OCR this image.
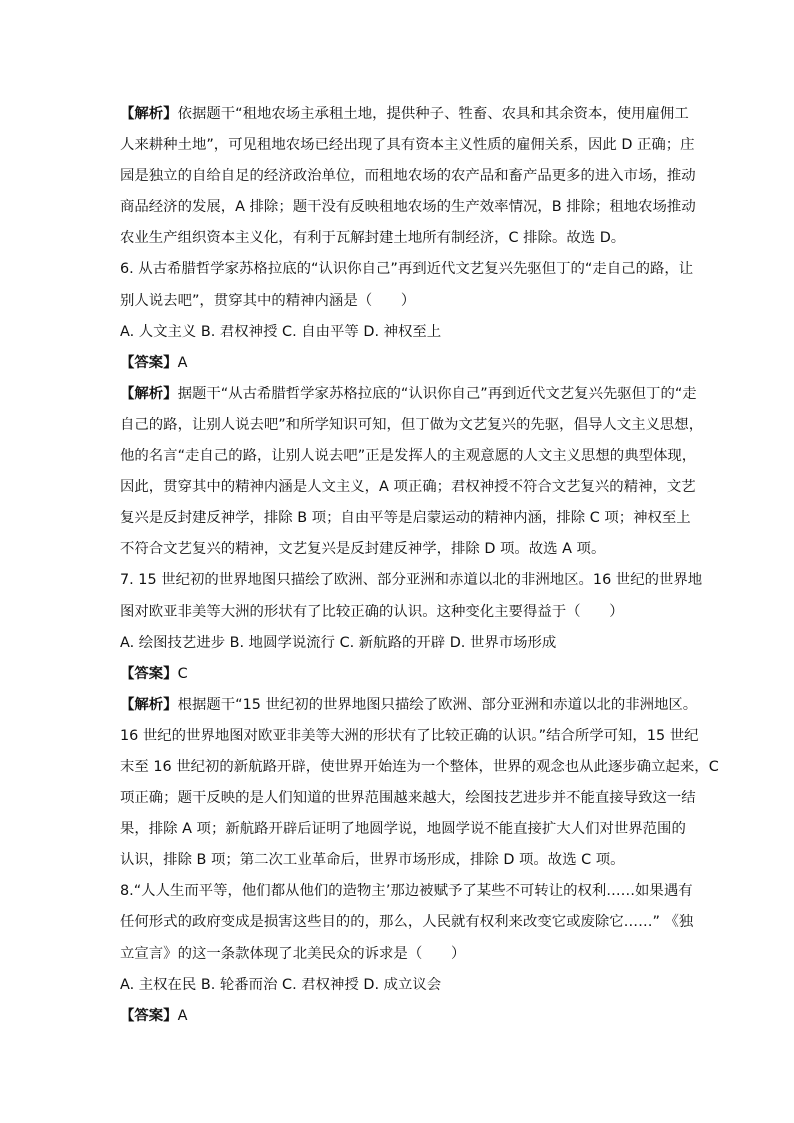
【解析】依据题干“租地农场主承租土地，提供种子、牲畜、农具和其余资本，使用雇佣工
人来耕种土地”，可见租地农场已经出现了具有资本主义性质的雇佣关系，因此 D 正确；庄
园是独立的自给自足的经济政治单位，而租地农场的农产品和畜产品更多的进入市场，推动
商品经济的发展，A 排除；题干没有反映租地农场的生产效率情况，B 排除；租地农场推动
农业生产组织资本主义化，有利于瓦解封建土地所有制经济，C 排除。故选 D。
6. 从古希腊哲学家苏格拉底的“认识你自己”再到近代文艺复兴先驱但丁的“走自己的路，让
别人说去吧”，贯穿其中的精神内涵是（　　）
A. 人文主义 B. 君权神授 C. 自由平等 D. 神权至上
【答案】A
【解析】据题干“从古希腊哲学家苏格拉底的“认识你自己”再到近代文艺复兴先驱但丁的“走
自己的路，让别人说去吧”和所学知识可知，但丁做为文艺复兴的先驱，倡导人文主义思想，
他的名言“走自己的路，让别人说去吧”正是发挥人的主观意愿的人文主义思想的典型体现，
因此，贯穿其中的精神内涵是人文主义，A 项正确；君权神授不符合文艺复兴的精神，文艺
复兴是反封建反神学，排除 B 项；自由平等是启蒙运动的精神内涵，排除 C 项；神权至上
不符合文艺复兴的精神，文艺复兴是反封建反神学，排除 D 项。故选 A 项。
7. 15 世纪初的世界地图只描绘了欧洲、部分亚洲和赤道以北的非洲地区。16 世纪的世界地
图对欧亚非美等大洲的形状有了比较正确的认识。这种变化主要得益于（　　）
A. 绘图技艺进步 B. 地圆学说流行 C. 新航路的开辟 D. 世界市场形成
【答案】C
【解析】根据题干“15 世纪初的世界地图只描绘了欧洲、部分亚洲和赤道以北的非洲地区。
16 世纪的世界地图对欧亚非美等大洲的形状有了比较正确的认识。”结合所学可知，15 世纪
末至 16 世纪初的新航路开辟，使世界开始连为一个整体，世界的观念也从此逐步确立起来，C
项正确；题干反映的是人们知道的世界范围越来越大，绘图技艺进步并不能直接导致这一结
果，排除 A 项；新航路开辟后证明了地圆学说，地圆学说不能直接扩大人们对世界范围的
认识，排除 B 项；第二次工业革命后，世界市场形成，排除 D 项。故选 C 项。
8.“人人生而平等，他们都从他们的造物主’那边被赋予了某些不可转让的权利……如果遇有
任何形式的政府变成是损害这些目的的，那么，人民就有权利来改变它或废除它……” 《独
立宣言》的这一条款体现了北美民众的诉求是（　　）
A. 主权在民 B. 轮番而治 C. 君权神授 D. 成立议会
【答案】A
